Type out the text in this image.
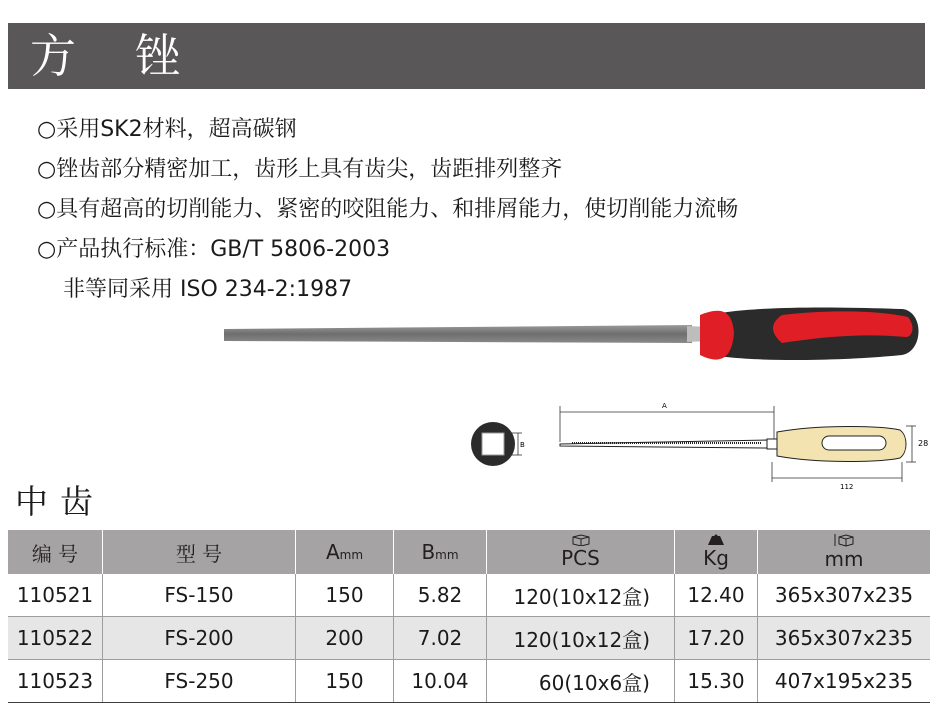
方 锉
○采用SK2材料，超高碳钢
○锉齿部分精密加工，齿形上具有齿尖，齿距排列整齐
○具有超高的切削能力、紧密的咬阻能力、和排屑能力，使切削能力流畅
○产品执行标准：GB/T 5806-2003
非等同采用 ISO 234-2:1987
B
A
112
28
中齿
编 号	型 号	Amm	Bmm	PCS	Kg	mm
110521	FS-150	150	5.82	120(10x12盒)	12.40	365x307x235
110522	FS-200	200	7.02	120(10x12盒)	17.20	365x307x235
110523	FS-250	150	10.04	60(10x6盒)	15.30	407x195x235
